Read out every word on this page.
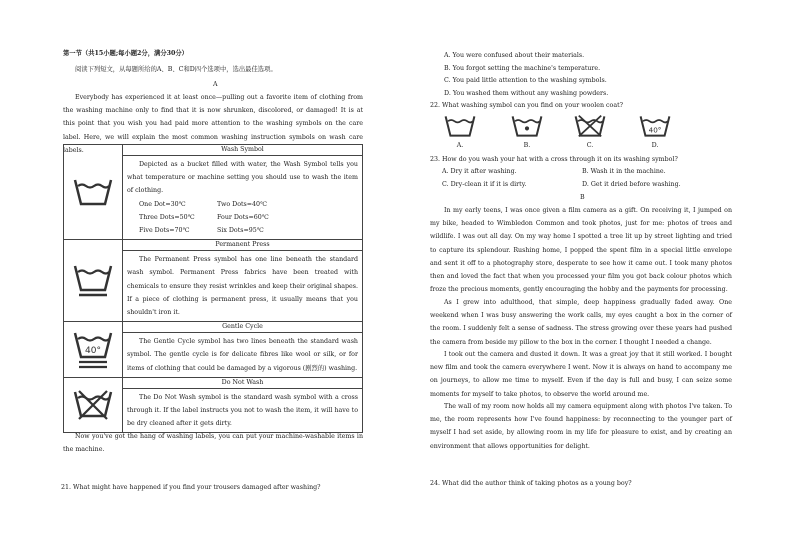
第一节（共15小题;每小题2分，满分30分）
阅读下列短文，从每题所给的A、B、C和D四个选项中，选出最佳选项。
A
Everybody has experienced it at least once—pulling out a favorite item of clothing from the washing machine only to find that it is now shrunken, discolored, or damaged! It is at this point that you wish you had paid more attention to the washing symbols on the care label. Here, we will explain the most common washing instruction symbols on wash care labels.
		Wash Symbol
Depicted as a bucket filled with water, the Wash Symbol tells you what temperature or machine setting you should use to wash the item of clothing.
One Dot=30℃ Two Dots=40℃
Three Dots=50℃ Four Dots=60℃
Five Dots=70℃ Six Dots=95℃

Permanent Press
The Permanent Press symbol has one line beneath the standard wash symbol. Permanent Press fabrics have been treated with chemicals to ensure they resist wrinkles and keep their original shapes. If a piece of clothing is permanent press, it usually means that you shouldn't iron it.

40°	Gentle Cycle
The Gentle Cycle symbol has two lines beneath the standard wash symbol. The gentle cycle is for delicate fibres like wool or silk, or for items of clothing that could be damaged by a vigorous (剧烈的) washing.

Do Not Wash
The Do Not Wash symbol is the standard wash symbol with a cross through it. If the label instructs you not to wash the item, it will have to be dry cleaned after it gets dirty.
Now you've got the hang of washing labels, you can put your machine-washable items in the machine.
21. What might have happened if you find your trousers damaged after washing?
A. You were confused about their materials.
B. You forgot setting the machine's temperature.
C. You paid little attention to the washing symbols.
D. You washed them without any washing powders.
22. What washing symbol can you find on your woolen coat?
A.	B.	C.
40°
D.
23. How do you wash your hat with a cross through it on its washing symbol?
A. Dry it after washing.	B. Wash it in the machine.
C. Dry-clean it if it is dirty.	D. Get it dried before washing.
B
In my early teens, I was once given a film camera as a gift. On receiving it, I jumped on my bike, headed to Wimbledon Common and took photos, just for me: photos of trees and wildlife. I was out all day. On my way home I spotted a tree lit up by street lighting and tried to capture its splendour. Rushing home, I popped the spent film in a special little envelope and sent it off to a photography store, desperate to see how it came out. I took many photos then and loved the fact that when you processed your film you got back colour photos which froze the precious moments, gently encouraging the hobby and the payments for processing.
As I grew into adulthood, that simple, deep happiness gradually faded away. One weekend when I was busy answering the work calls, my eyes caught a box in the corner of the room. I suddenly felt a sense of sadness. The stress growing over these years had pushed the camera from beside my pillow to the box in the corner. I thought I needed a change.
I took out the camera and dusted it down. It was a great joy that it still worked. I bought new film and took the camera everywhere I went. Now it is always on hand to accompany me on journeys, to allow me time to myself. Even if the day is full and busy, I can seize some moments for myself to take photos, to observe the world around me.
The wall of my room now holds all my camera equipment along with photos I've taken. To me, the room represents how I've found happiness: by reconnecting to the younger part of myself I had set aside, by allowing room in my life for pleasure to exist, and by creating an environment that allows opportunities for delight.
24. What did the author think of taking photos as a young boy?
